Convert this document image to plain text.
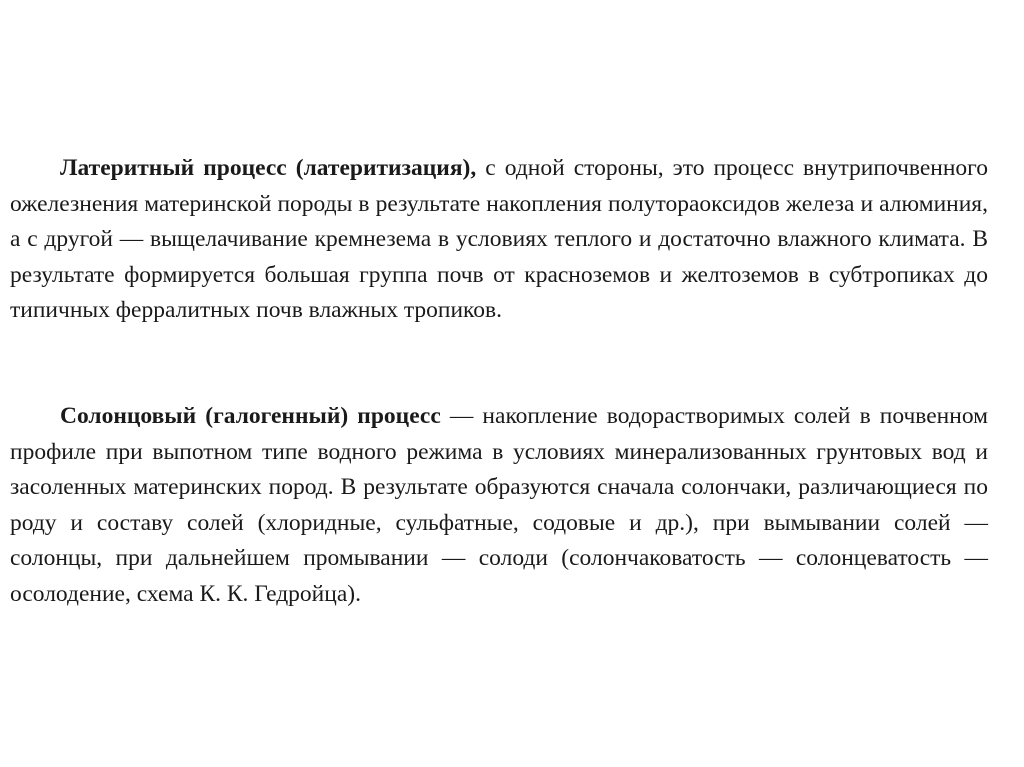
Латеритный процесс (латеритизация), с одной стороны, это процесс внутрипочвенного ожелезнения материнской породы в результате накопления полутораоксидов железа и алюминия, а с другой — выщелачивание кремнезема в условиях теплого и достаточно влажного климата. В результате формируется большая группа почв от красноземов и желтоземов в субтропиках до типичных ферралитных почв влажных тропиков.

Солонцовый (галогенный) процесс — накопление водорастворимых солей в почвенном профиле при выпотном типе водного режима в условиях минерализованных грунтовых вод и засоленных материнских пород. В результате образуются сначала солончаки, различающиеся по роду и составу солей (хлоридные, сульфатные, содовые и др.), при вымывании солей — солонцы, при дальнейшем промывании — солоди (солончаковатость — солонцеватость — осолодение, схема К. К. Гедройца).
